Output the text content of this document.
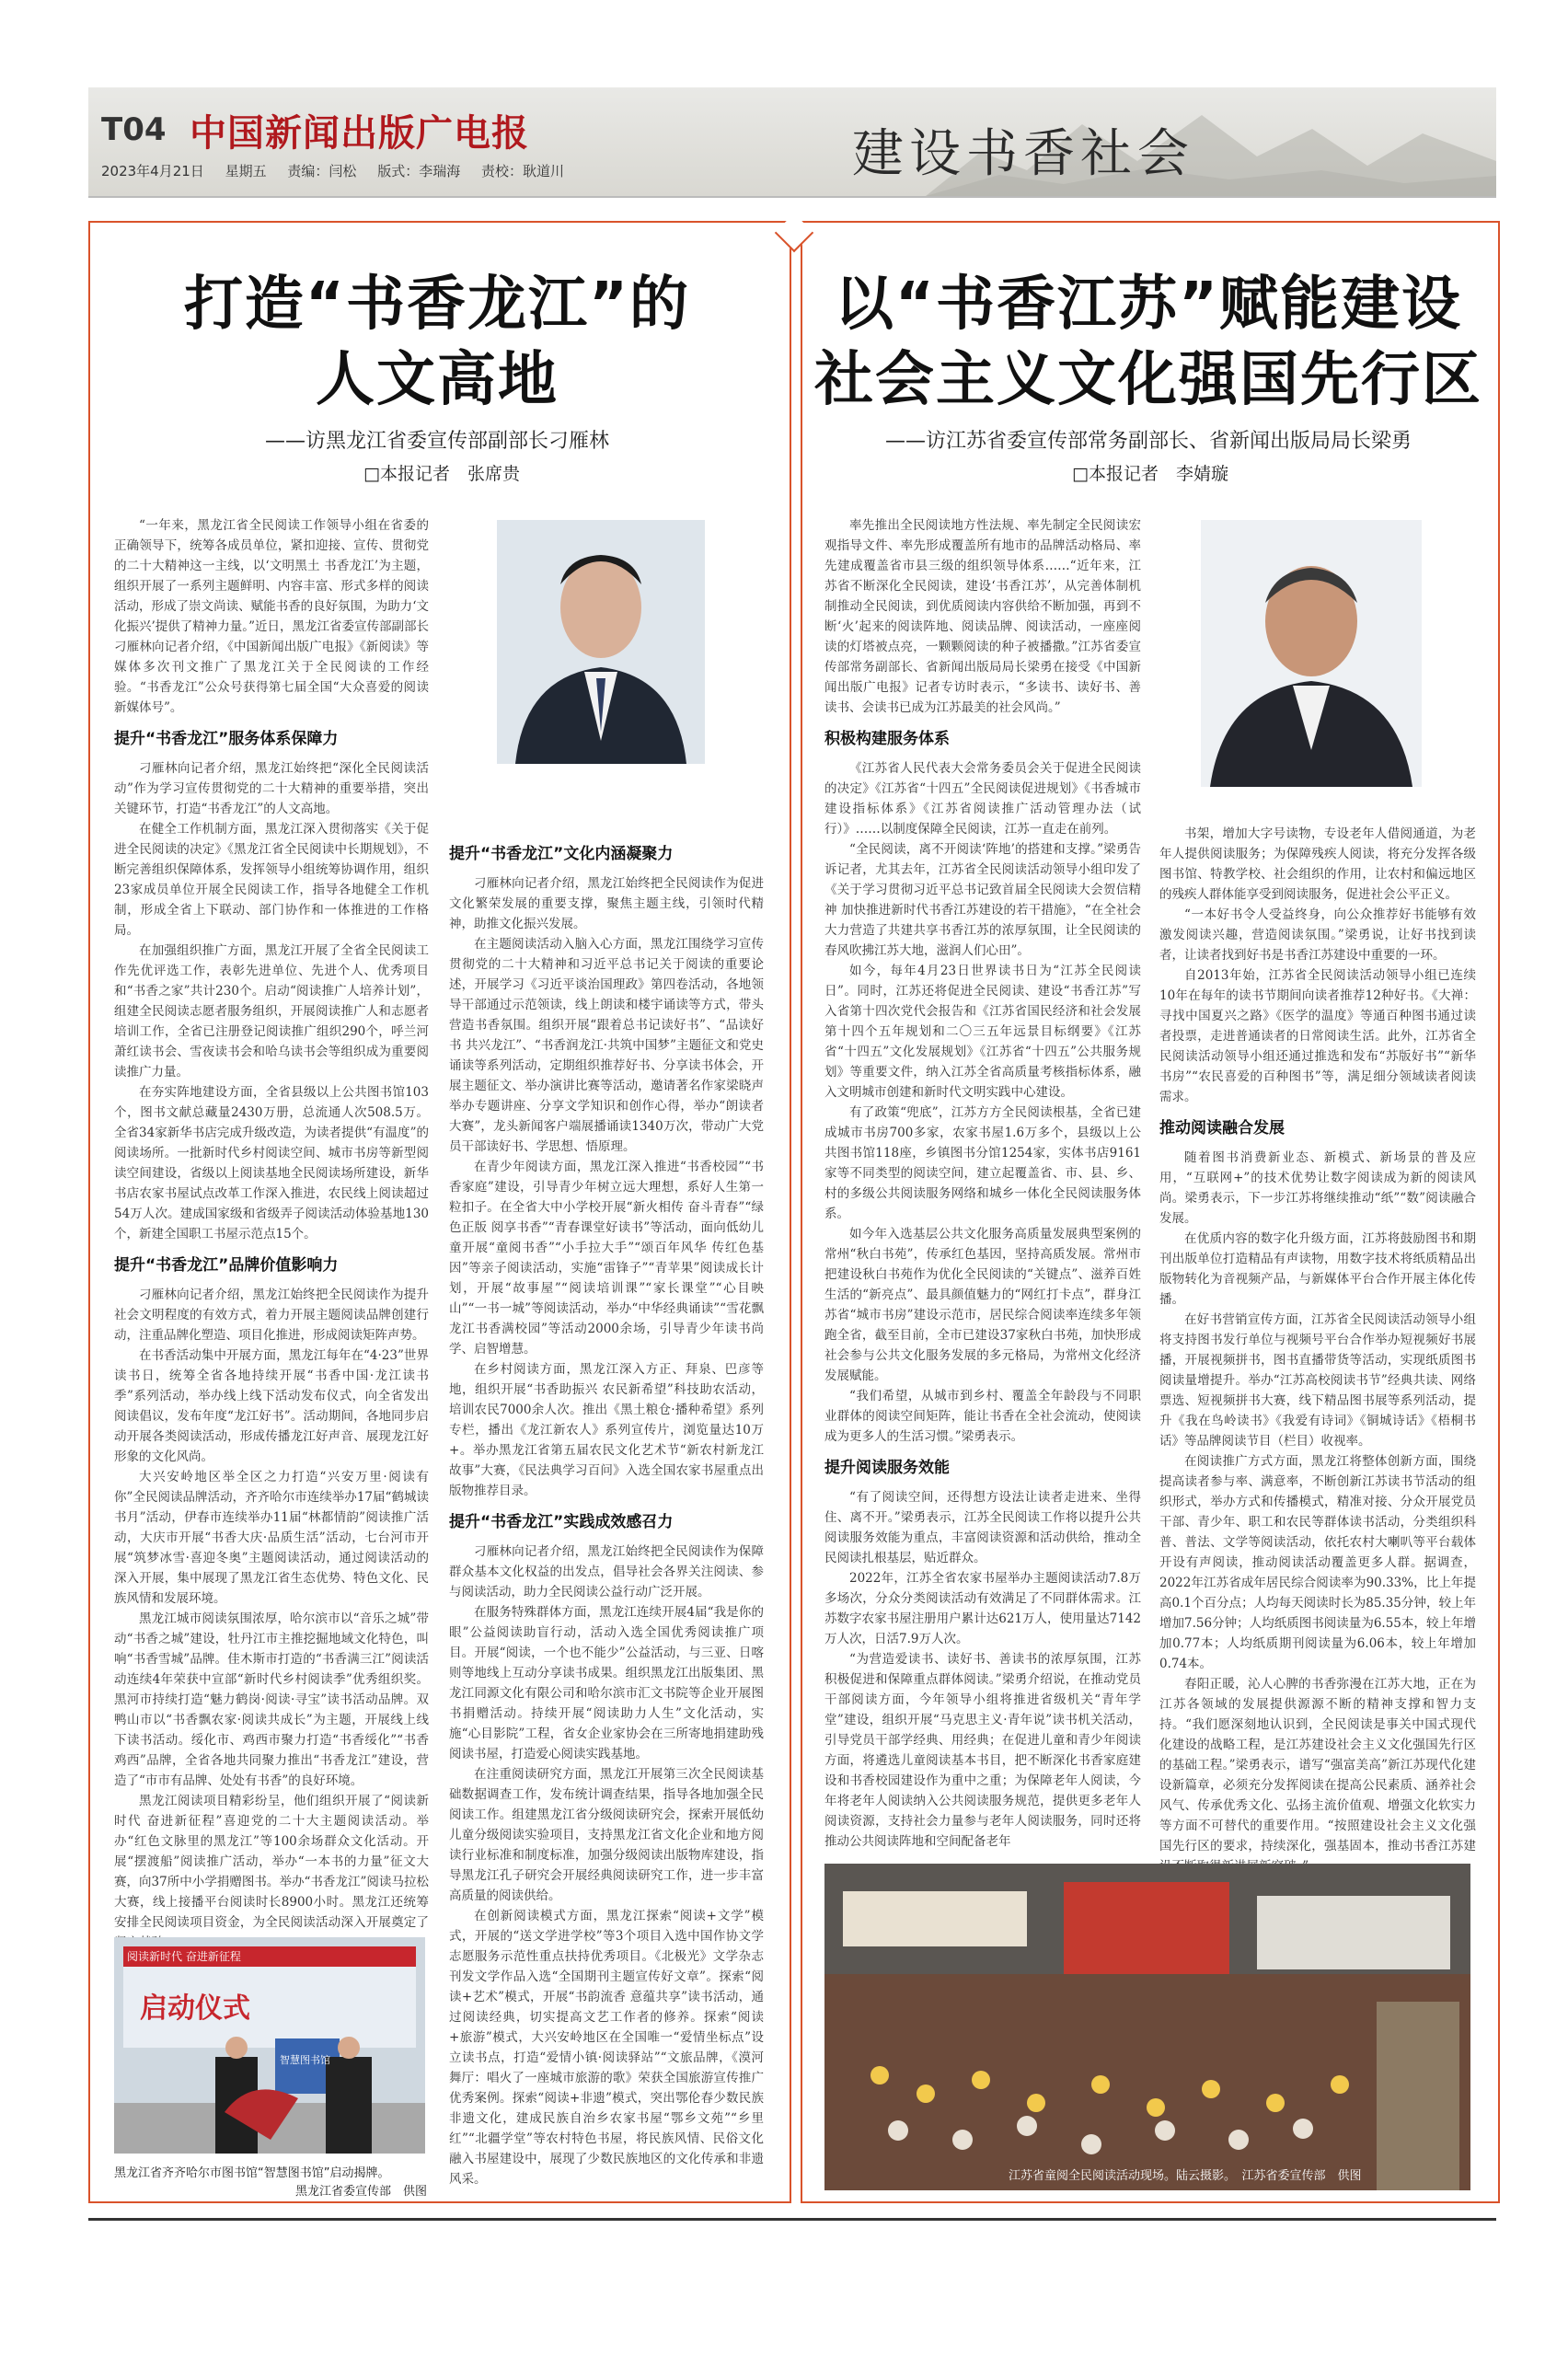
T04 中国新闻出版广电报
2023年4月21日 星期五 责编：闫松 版式：李瑞海 责校：耿道川	建设书香社会
打造“书香龙江”的
人文高地
——访黑龙江省委宣传部副部长刁雁林
□本报记者　张席贵

“一年来，黑龙江省全民阅读工作领导小组在省委的正确领导下，统筹各成员单位，紧扣迎接、宣传、贯彻党的二十大精神这一主线，以‘文明黑土 书香龙江’为主题，组织开展了一系列主题鲜明、内容丰富、形式多样的阅读活动，形成了崇文尚读、赋能书香的良好氛围，为助力‘文化振兴’提供了精神力量。”近日，黑龙江省委宣传部副部长刁雁林向记者介绍，《中国新闻出版广电报》《新阅读》等媒体多次刊文推广了黑龙江关于全民阅读的工作经验。“书香龙江”公众号获得第七届全国“大众喜爱的阅读新媒体号”。

提升“书香龙江”服务体系保障力

刁雁林向记者介绍，黑龙江始终把“深化全民阅读活动”作为学习宣传贯彻党的二十大精神的重要举措，突出关键环节，打造“书香龙江”的人文高地。

在健全工作机制方面，黑龙江深入贯彻落实《关于促进全民阅读的决定》《黑龙江省全民阅读中长期规划》，不断完善组织保障体系，发挥领导小组统筹协调作用，组织23家成员单位开展全民阅读工作，指导各地健全工作机制，形成全省上下联动、部门协作和一体推进的工作格局。

在加强组织推广方面，黑龙江开展了全省全民阅读工作先优评选工作，表彰先进单位、先进个人、优秀项目和“书香之家”共计230个。启动“阅读推广人培养计划”，组建全民阅读志愿者服务组织，开展阅读推广人和志愿者培训工作，全省已注册登记阅读推广组织290个，呼兰河萧红读书会、雪夜读书会和哈乌读书会等组织成为重要阅读推广力量。

在夯实阵地建设方面，全省县级以上公共图书馆103个，图书文献总藏量2430万册，总流通人次508.5万。全省34家新华书店完成升级改造，为读者提供“有温度”的阅读场所。一批新时代乡村阅读空间、城市书房等新型阅读空间建设，省级以上阅读基地全民阅读场所建设，新华书店农家书屋试点改革工作深入推进，农民线上阅读超过54万人次。建成国家级和省级弄子阅读活动体验基地130个，新建全国职工书屋示范点15个。

提升“书香龙江”品牌价值影响力

刁雁林向记者介绍，黑龙江始终把全民阅读作为提升社会文明程度的有效方式，着力开展主题阅读品牌创建行动，注重品牌化塑造、项目化推进，形成阅读矩阵声势。

在书香活动集中开展方面，黑龙江每年在“4·23”世界读书日，统筹全省各地持续开展“书香中国·龙江读书季”系列活动，举办线上线下活动发布仪式，向全省发出阅读倡议，发布年度“龙江好书”。活动期间，各地同步启动开展各类阅读活动，形成传播龙江好声音、展现龙江好形象的文化风尚。

大兴安岭地区举全区之力打造“兴安万里·阅读有你”全民阅读品牌活动，齐齐哈尔市连续举办17届“鹤城读书月”活动，伊春市连续举办11届“林都情韵”阅读推广活动，大庆市开展“书香大庆·品质生活”活动，七台河市开展“筑梦冰雪·喜迎冬奥”主题阅读活动，通过阅读活动的深入开展，集中展现了黑龙江省生态优势、特色文化、民族风情和发展环境。

黑龙江城市阅读氛围浓厚，哈尔滨市以“音乐之城”带动“书香之城”建设，牡丹江市主推挖掘地域文化特色，叫响“书香雪城”品牌。佳木斯市打造的“书香满三江”阅读活动连续4年荣获中宣部“新时代乡村阅读季”优秀组织奖。黑河市持续打造“魅力鹤岗·阅读·寻宝”读书活动品牌。双鸭山市以“书香飘农家·阅读共成长”为主题，开展线上线下读书活动。绥化市、鸡西市聚力打造“书香绥化”“书香鸡西”品牌，全省各地共同聚力推出“书香龙江”建设，营造了“市市有品牌、处处有书香”的良好环境。

黑龙江阅读项目精彩纷呈，他们组织开展了“阅读新时代 奋进新征程”喜迎党的二十大主题阅读活动。举办“红色文脉里的黑龙江”等100余场群众文化活动。开展“摆渡船”阅读推广活动，举办“一本书的力量”征文大赛，向37所中小学捐赠图书。举办“书香龙江”阅读马拉松大赛，线上接播平台阅读时长8900小时。黑龙江还统筹安排全民阅读项目资金，为全民阅读活动深入开展奠定了

提升“书香龙江”文化内涵凝聚力

刁雁林向记者介绍，黑龙江始终把全民阅读作为促进文化繁荣发展的重要支撑，聚焦主题主线，引领时代精神，助推文化振兴发展。

在主题阅读活动入脑入心方面，黑龙江围绕学习宣传贯彻党的二十大精神和习近平总书记关于阅读的重要论述，开展学习《习近平谈治国理政》第四卷活动，各地领导干部通过示范领读，线上朗读和楼宇诵读等方式，带头营造书香氛围。组织开展“跟着总书记读好书”、“品读好书 共兴龙江”、“书香润龙江·共筑中国梦”主题征文和党史诵读等系列活动，定期组织推荐好书、分享读书体会，开展主题征文、举办演讲比赛等活动，邀请著名作家梁晓声举办专题讲座、分享文学知识和创作心得，举办“朗读者大赛”，龙头新闻客户端展播诵读1340万次，带动广大党员干部读好书、学思想、悟原理。

在青少年阅读方面，黑龙江深入推进“书香校园”“书香家庭”建设，引导青少年树立远大理想，系好人生第一粒扣子。在全省大中小学校开展“新火相传 奋斗青春”“绿色正版 阅享书香”“青春课堂好读书”等活动，面向低幼儿童开展“童阅书香”“小手拉大手”“颂百年风华 传红色基因”等亲子阅读活动，实施“雷锋子”“青苹果”阅读成长计划，开展“故事屋”“阅读培训课”“家长课堂”“心目映山”“一书一城”等阅读活动，举办“中华经典诵读”“雪花飘龙江书香满校园”等活动2000余场，引导青少年读书尚学、启智增慧。

在乡村阅读方面，黑龙江深入方正、拜泉、巴彦等地，组织开展“书香助振兴 农民新希望”科技助农活动，培训农民7000余人次。推出《黑土粮仓·播种希望》系列专栏，播出《龙江新农人》系列宣传片，浏览量达10万+。举办黑龙江省第五届农民文化艺术节“新农村新龙江故事”大赛，《民法典学习百问》入选全国农家书屋重点出版物推荐目录。

提升“书香龙江”实践成效感召力

刁雁林向记者介绍，黑龙江始终把全民阅读作为保障群众基本文化权益的出发点，倡导社会各界关注阅读、参与阅读活动，助力全民阅读公益行动广泛开展。

在服务特殊群体方面，黑龙江连续开展4届“我是你的眼”公益阅读助盲行动，活动入选全国优秀阅读推广项目。开展“阅读，一个也不能少”公益活动，与三亚、日喀则等地线上互动分享读书成果。组织黑龙江出版集团、黑龙江同源文化有限公司和哈尔滨市汇文书院等企业开展图书捐赠活动。持续开展“阅读助力人生”文化活动，实施“心目影院”工程，省女企业家协会在三所寄地捐建助残阅读书屋，打造爱心阅读实践基地。

在注重阅读研究方面，黑龙江开展第三次全民阅读基础数据调查工作，发布统计调查结果，指导各地加强全民阅读工作。组建黑龙江省分级阅读研究会，探索开展低幼儿童分级阅读实验项目，支持黑龙江省文化企业和地方阅读行业标准和制度标准，加强分级阅读出版物库建设，指导黑龙江孔子研究会开展经典阅读研究工作，进一步丰富高质量的阅读供给。

在创新阅读模式方面，黑龙江探索“阅读+文学”模式，开展的“送文学进学校”等3个项目入选中国作协文学志愿服务示范性重点扶持优秀项目。《北极光》文学杂志刊发文学作品入选“全国期刊主题宣传好文章”。探索“阅读+艺术”模式，开展“书韵流香 意蕴共享”读书活动，通过阅读经典，切实提高文艺工作者的修养。探索“阅读+旅游”模式，大兴安岭地区在全国唯一“爱情坐标点”设立读书点，打造“爱情小镇·阅读驿站”“文旅品牌，《漠河舞厅：唱火了一座城市旅游的歌》荣获全国旅游宣传推广优秀案例。探索“阅读+非遗”模式，突出鄂伦春少数民族非遗文化，建成民族自治乡农家书屋“鄂乡文苑”“乡里红”“北疆学堂”等农村特色书屋，将民族风情、民俗文化融入书屋建设中，展现了少数民族地区的文化传承和非遗风采。

阅读新时代 奋进新征程
启动仪式
智慧图书馆
黑龙江省齐齐哈尔市图书馆“智慧图书馆”启动揭牌。
黑龙江省委宣传部　供图
以“书香江苏”赋能建设
社会主义文化强国先行区
——访江苏省委宣传部常务副部长、省新闻出版局局长梁勇
□本报记者　李婧璇

率先推出全民阅读地方性法规、率先制定全民阅读宏观指导文件、率先形成覆盖所有地市的品牌活动格局、率先建成覆盖省市县三级的组织领导体系……“近年来，江苏省不断深化全民阅读，建设‘书香江苏’，从完善体制机制推动全民阅读，到优质阅读内容供给不断加强，再到不断‘火’起来的阅读阵地、阅读品牌、阅读活动，一座座阅读的灯塔被点亮，一颗颗阅读的种子被播撒。”江苏省委宣传部常务副部长、省新闻出版局局长梁勇在接受《中国新闻出版广电报》记者专访时表示，“多读书、读好书、善读书、会读书已成为江苏最美的社会风尚。”

积极构建服务体系

《江苏省人民代表大会常务委员会关于促进全民阅读的决定》《江苏省“十四五”全民阅读促进规划》《书香城市建设指标体系》《江苏省阅读推广活动管理办法（试行）》……以制度保障全民阅读，江苏一直走在前列。

“全民阅读，离不开阅读‘阵地’的搭建和支撑。”梁勇告诉记者，尤其去年，江苏省全民阅读活动领导小组印发了《关于学习贯彻习近平总书记致首届全民阅读大会贺信精神 加快推进新时代书香江苏建设的若干措施》，“在全社会大力营造了共建共享书香江苏的浓厚氛围，让全民阅读的春风吹拂江苏大地，滋润人们心田”。

如今，每年4月23日世界读书日为“江苏全民阅读日”。同时，江苏还将促进全民阅读、建设“书香江苏”写入省第十四次党代会报告和《江苏省国民经济和社会发展第十四个五年规划和二〇三五年远景目标纲要》《江苏省“十四五”文化发展规划》《江苏省“十四五”公共服务规划》等重要文件，纳入江苏全省高质量考核指标体系，融入文明城市创建和新时代文明实践中心建设。

有了政策“兜底”，江苏方方全民阅读根基，全省已建成城市书房700多家，农家书屋1.6万多个，县级以上公共图书馆118座，乡镇图书分馆1254家，实体书店9161家等不同类型的阅读空间，建立起覆盖省、市、县、乡、村的多级公共阅读服务网络和城乡一体化全民阅读服务体系。

如今年入选基层公共文化服务高质量发展典型案例的常州“秋白书苑”，传承红色基因，坚持高质发展。常州市把建设秋白书苑作为优化全民阅读的“关键点”、滋养百姓生活的“新亮点”、最具颜值魅力的“网红打卡点”，群身江苏省“城市书房”建设示范市，居民综合阅读率连续多年领跑全省，截至目前，全市已建设37家秋白书苑，加快形成社会参与公共文化服务发展的多元格局，为常州文化经济发展赋能。

“我们希望，从城市到乡村、覆盖全年龄段与不同职业群体的阅读空间矩阵，能让书香在全社会流动，使阅读成为更多人的生活习惯。”梁勇表示。

提升阅读服务效能

“有了阅读空间，还得想方设法让读者走进来、坐得住、离不开。”梁勇表示，江苏全民阅读工作将以提升公共阅读服务效能为重点，丰富阅读资源和活动供给，推动全民阅读扎根基层，贴近群众。

2022年，江苏全省农家书屋举办主题阅读活动7.8万多场次，分众分类阅读活动有效满足了不同群体需求。江苏数字农家书屋注册用户累计达621万人，使用量达7142万人次，日活7.9万人次。

“为营造爱读书、读好书、善读书的浓厚氛围，江苏积极促进和保障重点群体阅读。”梁勇介绍说，在推动党员干部阅读方面，今年领导小组将推进省级机关“青年学堂”建设，组织开展“马克思主义·青年说”读书机关活动，引导党员干部学经典、用经典；在促进儿童和青少年阅读方面，将遴选儿童阅读基本书目，把不断深化书香家庭建设和书香校园建设作为重中之重；为保障老年人阅读，今年将老年人阅读纳入公共阅读服务规范，提供更多老年人阅读资源，支持社会力量参与老年人阅读服务，同时还将推动公共阅读阵地和空间配备老年

书架，增加大字号读物，专设老年人借阅通道，为老年人提供阅读服务；为保障残疾人阅读，将充分发挥各级图书馆、特教学校、社会组织的作用，让农村和偏远地区的残疾人群体能享受到阅读服务，促进社会公平正义。

“一本好书令人受益终身，向公众推荐好书能够有效激发阅读兴趣，营造阅读氛围。”梁勇说，让好书找到读者，让读者找到好书是书香江苏建设中重要的一环。

自2013年始，江苏省全民阅读活动领导小组已连续10年在每年的读书节期间向读者推荐12种好书。《大禅：寻找中国夏兴之路》《医学的温度》等通百种图书通过读者投票，走进普通读者的日常阅读生活。此外，江苏省全民阅读活动领导小组还通过推选和发布“苏版好书”“新华书房”“农民喜爱的百种图书”等，满足细分领域读者阅读需求。

推动阅读融合发展

随着图书消费新业态、新模式、新场景的普及应用，“互联网+”的技术优势让数字阅读成为新的阅读风尚。梁勇表示，下一步江苏将继续推动“纸”“数”阅读融合发展。

在优质内容的数字化升级方面，江苏将鼓励图书和期刊出版单位打造精品有声读物，用数字技术将纸质精品出版物转化为音视频产品，与新媒体平台合作开展主体化传播。

在好书营销宣传方面，江苏省全民阅读活动领导小组将支持图书发行单位与视频号平台合作举办短视频好书展播，开展视频拼书，图书直播带货等活动，实现纸质图书阅读量增提升。举办“江苏高校阅读书节”经典共读、网络票选、短视频拼书大赛，线下精品图书展等系列活动，提升《我在鸟岭读书》《我爱有诗词》《铜城诗话》《梧桐书话》等品牌阅读节目（栏目）收视率。

在阅读推广方式方面，黑龙江将整体创新方面，围绕提高读者参与率、满意率，不断创新江苏读书节活动的组织形式，举办方式和传播模式，精准对接、分众开展党员干部、青少年、职工和农民等群体读书活动，分类组织科普、普法、文学等阅读活动，依托农村大喇叭等平台载体开设有声阅读，推动阅读活动覆盖更多人群。据调查，2022年江苏省成年居民综合阅读率为90.33%，比上年提高0.1个百分点；人均每天阅读时长为85.35分钟，较上年增加7.56分钟；人均纸质图书阅读量为6.55本，较上年增加0.77本；人均纸质期刊阅读量为6.06本，较上年增加0.74本。

春阳正暖，沁人心脾的书香弥漫在江苏大地，正在为江苏各领域的发展提供源源不断的精神支撑和智力支持。“我们愿深刻地认识到，全民阅读是事关中国式现代化建设的战略工程，是江苏建设社会主义文化强国先行区的基础工程。”梁勇表示，谱写“强富美高”新江苏现代化建设新篇章，必须充分发挥阅读在提高公民素质、涵养社会风气、传承优秀文化、弘扬主流价值观、增强文化软实力等方面不可替代的重要作用。“按照建设社会主义文化强国先行区的要求，持续深化，强基固本，推动书香江苏建

江苏省童阅全民阅读活动现场。陆云摄影。　江苏省委宣传部　供图
